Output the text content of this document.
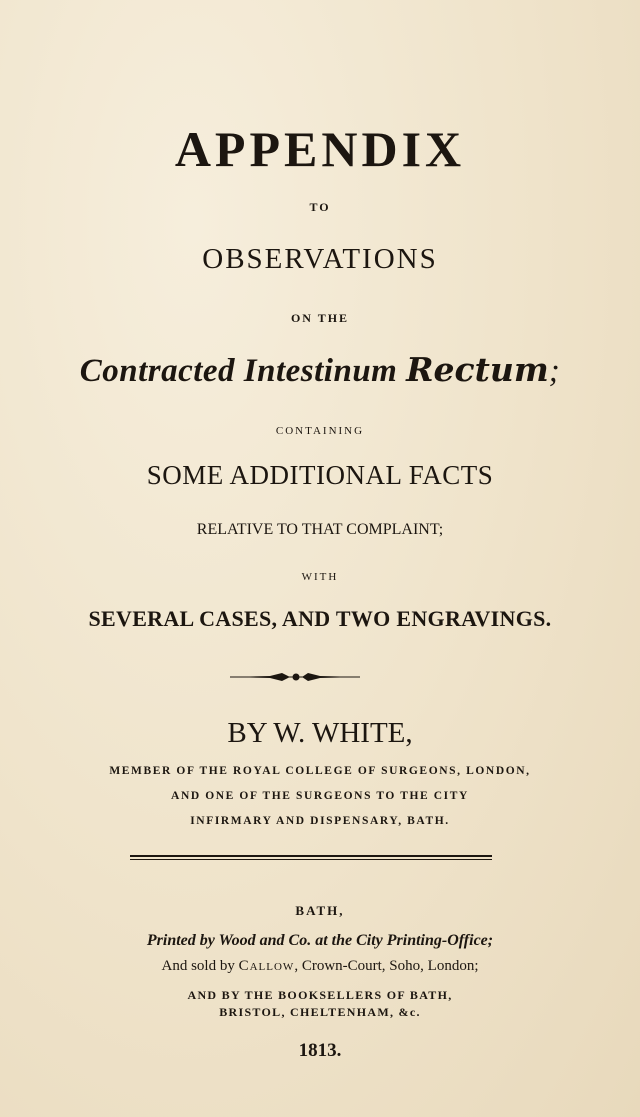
APPENDIX
TO
OBSERVATIONS
ON THE
Contracted Intestinum Rectum;
CONTAINING
SOME ADDITIONAL FACTS
RELATIVE TO THAT COMPLAINT;
WITH
SEVERAL CASES, AND TWO ENGRAVINGS.
BY W. WHITE,
MEMBER OF THE ROYAL COLLEGE OF SURGEONS, LONDON,
AND ONE OF THE SURGEONS TO THE CITY
INFIRMARY AND DISPENSARY, BATH.
BATH,
Printed by Wood and Co. at the City Printing-Office;
And sold by Callow, Crown-Court, Soho, London;
AND BY THE BOOKSELLERS OF BATH,
BRISTOL, CHELTENHAM, &c.
1813.
